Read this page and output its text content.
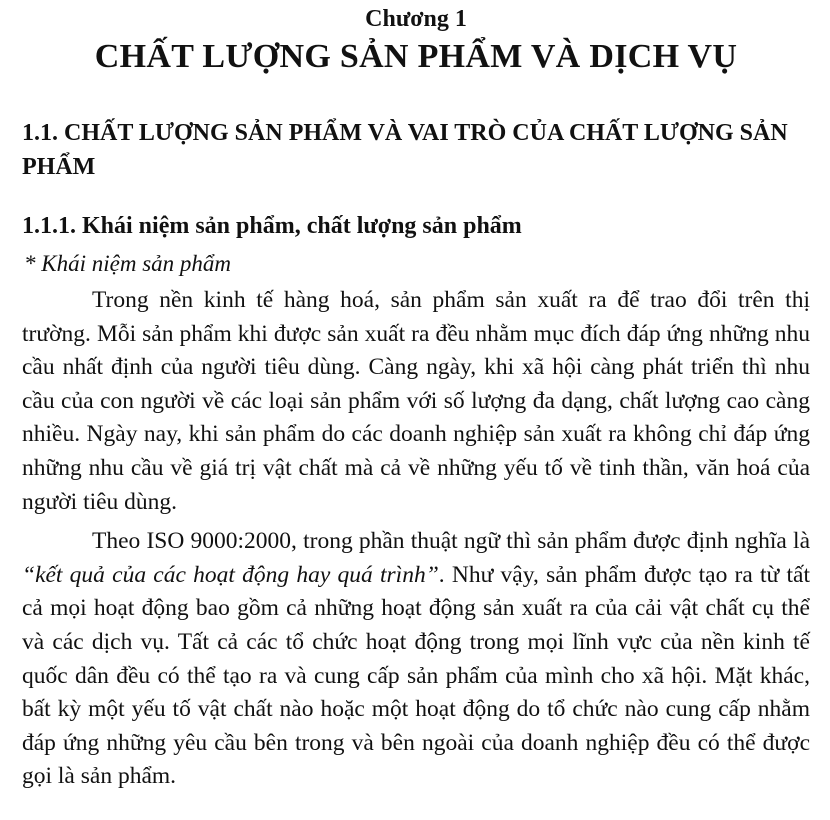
Chương 1
CHẤT LƯỢNG SẢN PHẨM VÀ DỊCH VỤ
1.1. CHẤT LƯỢNG SẢN PHẨM VÀ VAI TRÒ CỦA CHẤT LƯỢNG SẢN PHẨM
1.1.1. Khái niệm sản phẩm, chất lượng sản phẩm
* Khái niệm sản phẩm

Trong nền kinh tế hàng hoá, sản phẩm sản xuất ra để trao đổi trên thị trường. Mỗi sản phẩm khi được sản xuất ra đều nhằm mục đích đáp ứng những nhu cầu nhất định của người tiêu dùng. Càng ngày, khi xã hội càng phát triển thì nhu cầu của con người về các loại sản phẩm với số lượng đa dạng, chất lượng cao càng nhiều. Ngày nay, khi sản phẩm do các doanh nghiệp sản xuất ra không chỉ đáp ứng những nhu cầu về giá trị vật chất mà cả về những yếu tố về tinh thần, văn hoá của người tiêu dùng.

Theo ISO 9000:2000, trong phần thuật ngữ thì sản phẩm được định nghĩa là “kết quả của các hoạt động hay quá trình”. Như vậy, sản phẩm được tạo ra từ tất cả mọi hoạt động bao gồm cả những hoạt động sản xuất ra của cải vật chất cụ thể và các dịch vụ. Tất cả các tổ chức hoạt động trong mọi lĩnh vực của nền kinh tế quốc dân đều có thể tạo ra và cung cấp sản phẩm của mình cho xã hội. Mặt khác, bất kỳ một yếu tố vật chất nào hoặc một hoạt động do tổ chức nào cung cấp nhằm đáp ứng những yêu cầu bên trong và bên ngoài của doanh nghiệp đều có thể được gọi là sản phẩm.
